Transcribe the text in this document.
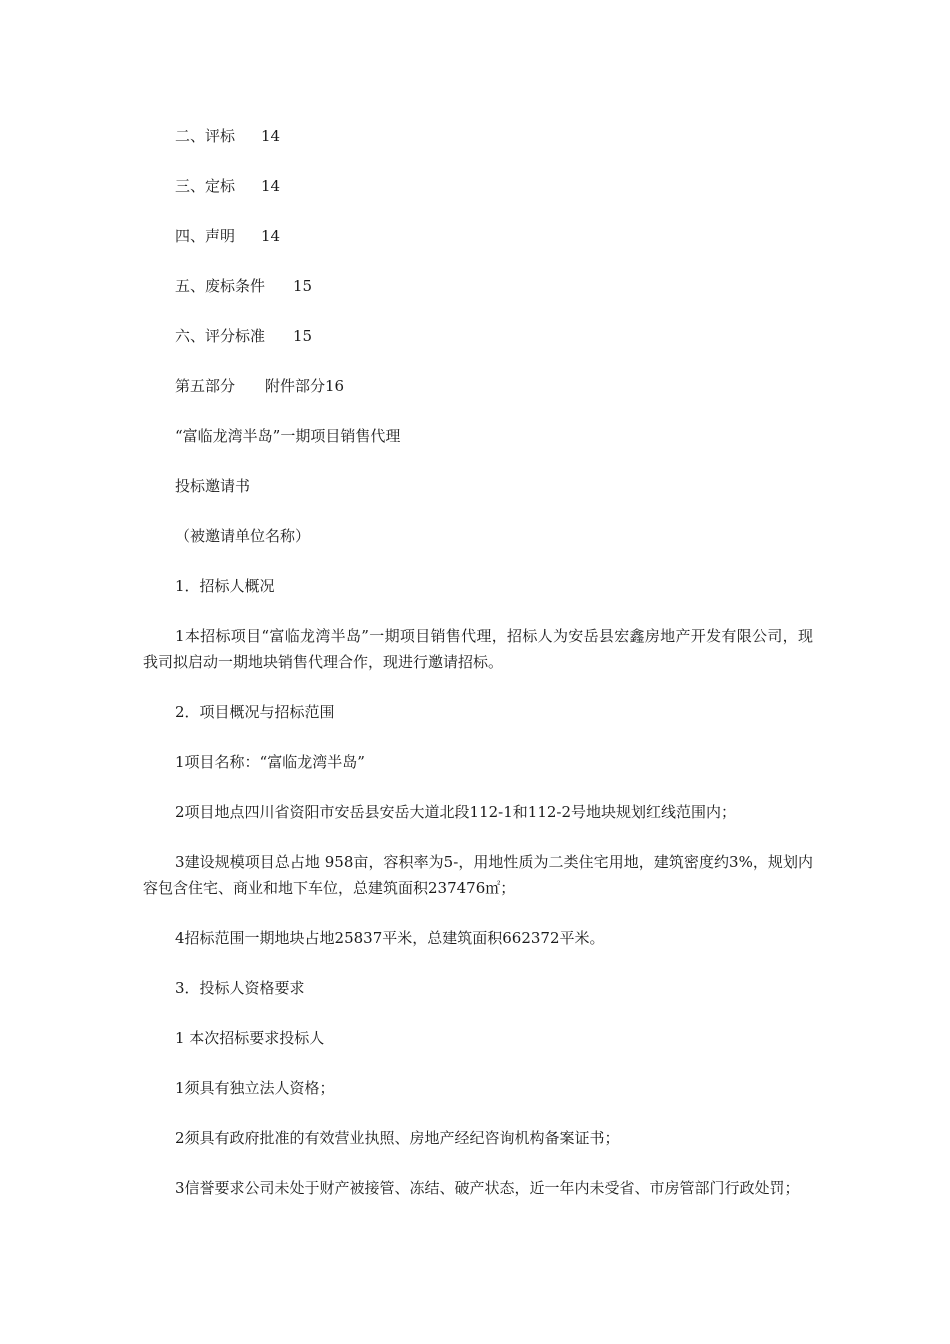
二、评标	14
三、定标	14
四、声明	14
五、废标条件	15
六、评分标准	15
第五部分　　附件部分 16

“富临龙湾半岛”一期项目销售代理

投标邀请书

（被邀请单位名称）

1．招标人概况

1本招标项目“富临龙湾半岛”一期项目销售代理，招标人为安岳县宏鑫房地产开发有限公司，现我司拟启动一期地块销售代理合作，现进行邀请招标。

2．项目概况与招标范围

1项目名称：“富临龙湾半岛”

2项目地点四川省资阳市安岳县安岳大道北段112-1和112-2号地块规划红线范围内；

3建设规模项目总占地 958亩，容积率为5-，用地性质为二类住宅用地，建筑密度约3%，规划内容包含住宅、商业和地下车位，总建筑面积237476㎡；

4招标范围一期地块占地25837平米，总建筑面积662372平米。

3．投标人资格要求

1 本次招标要求投标人

1须具有独立法人资格；

2须具有政府批准的有效营业执照、房地产经纪咨询机构备案证书；

3信誉要求公司未处于财产被接管、冻结、破产状态，近一年内未受省、市房管部门行政处罚；
